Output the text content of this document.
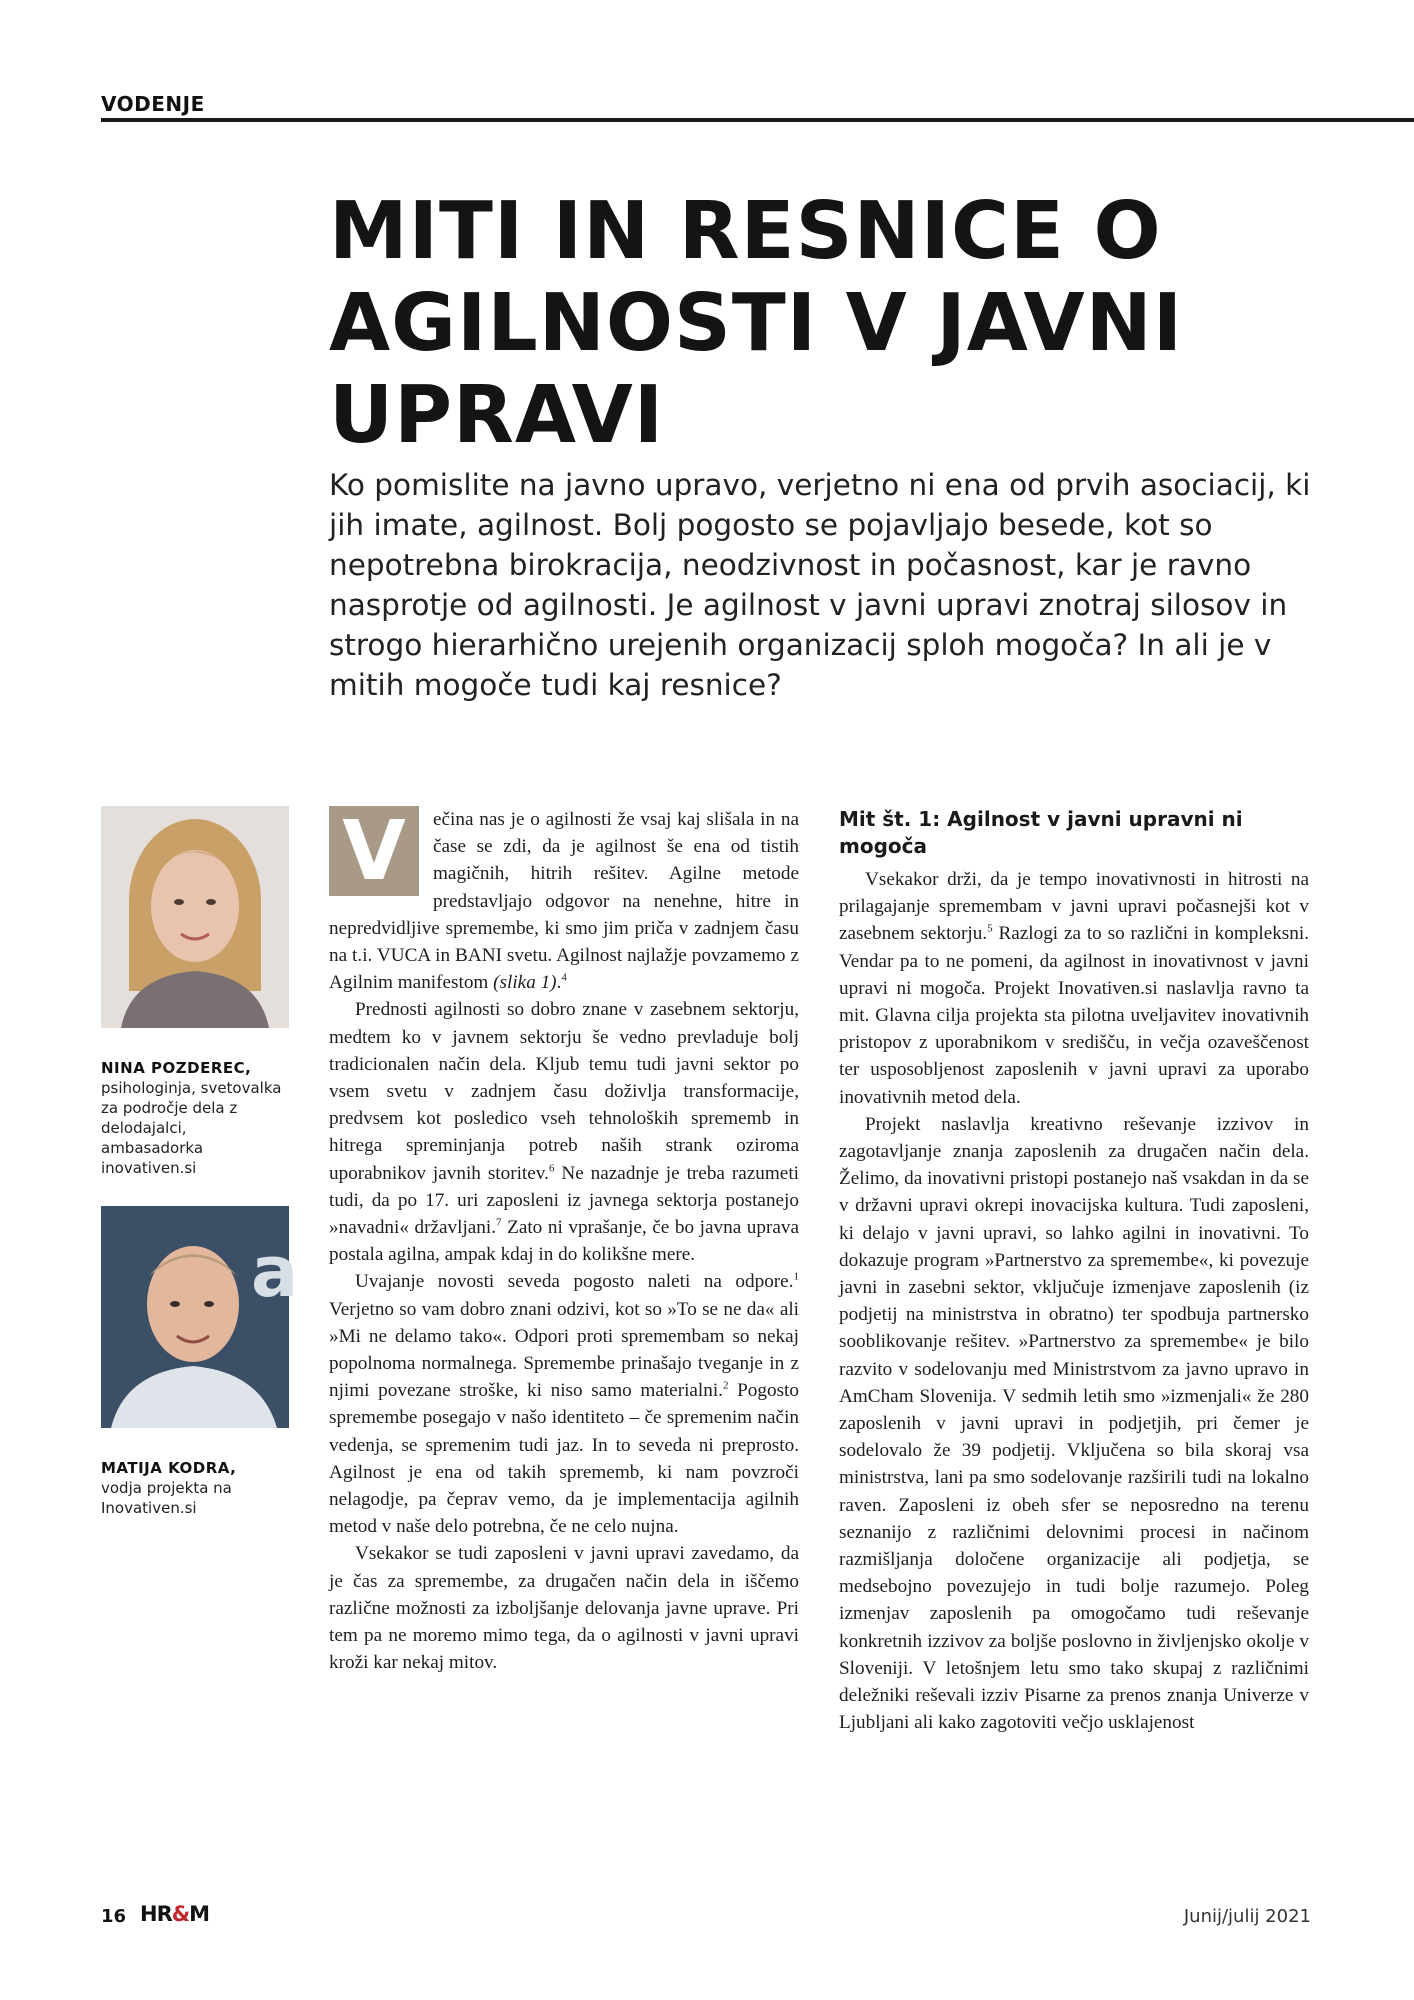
VODENJE
MITI IN RESNICE O AGILNOSTI V JAVNI UPRAVI

Ko pomislite na javno upravo, verjetno ni ena od prvih asociacij, ki jih imate, agilnost. Bolj pogosto se pojavljajo besede, kot so nepotrebna birokracija, neodzivnost in počasnost, kar je ravno nasprotje od agilnosti. Je agilnost v javni upravi znotraj silosov in strogo hierarhično urejenih organizacij sploh mogoča? In ali je v mitih mogoče tudi kaj resnice?

NINA POZDEREC,
psihologinja, svetovalka za področje dela z delodajalci, ambasadorka inovativen.si
a
MATIJA KODRA,
vodja projekta na Inovativen.si

V	ečina nas je o agilnosti že vsaj kaj slišala in na čase se zdi, da je agilnost še ena od tistih magičnih, hitrih rešitev. Agilne metode predstavljajo odgovor na nenehne, hitre in nepredvidljive spremembe, ki smo jim priča v zadnjem času na t.i. VUCA in BANI svetu. Agilnost najlažje povzamemo z Agilnim manifestom (slika 1).$^4$

Prednosti agilnosti so dobro znane v zasebnem sektorju, medtem ko v javnem sektorju še vedno prevladuje bolj tradicionalen način dela. Kljub temu tudi javni sektor po vsem svetu v zadnjem času doživlja transformacije, predvsem kot posledico vseh tehnoloških sprememb in hitrega spreminjanja potreb naših strank oziroma uporabnikov javnih storitev.$^6$ Ne nazadnje je treba razumeti tudi, da po 17. uri zaposleni iz javnega sektorja postanejo »navadni« državljani.$^7$ Zato ni vprašanje, če bo javna uprava postala agilna, ampak kdaj in do kolikšne mere.

Uvajanje novosti seveda pogosto naleti na odpore.$^1$ Verjetno so vam dobro znani odzivi, kot so »To se ne da« ali »Mi ne delamo tako«. Odpori proti spremembam so nekaj popolnoma normalnega. Spremembe prinašajo tveganje in z njimi povezane stroške, ki niso samo materialni.$^2$ Pogosto spremembe posegajo v našo identiteto – če spremenim način vedenja, se spremenim tudi jaz. In to seveda ni preprosto. Agilnost je ena od takih sprememb, ki nam povzroči nelagodje, pa čeprav vemo, da je implementacija agilnih metod v naše delo potrebna, če ne celo nujna.

Vsekakor se tudi zaposleni v javni upravi zavedamo, da je čas za spremembe, za drugačen način dela in iščemo različne možnosti za izboljšanje delovanja javne uprave. Pri tem pa ne moremo mimo tega, da o agilnosti v javni upravi kroži kar nekaj mitov.

Mit št. 1: Agilnost v javni upravni ni mogoča

Vsekakor drži, da je tempo inovativnosti in hitrosti na prilagajanje spremembam v javni upravi počasnejši kot v zasebnem sektorju.$^5$ Razlogi za to so različni in kompleksni. Vendar pa to ne pomeni, da agilnost in inovativnost v javni upravi ni mogoča. Projekt Inovativen.si naslavlja ravno ta mit. Glavna cilja projekta sta pilotna uveljavitev inovativnih pristopov z uporabnikom v središču, in večja ozaveščenost ter usposobljenost zaposlenih v javni upravi za uporabo inovativnih metod dela.

Projekt naslavlja kreativno reševanje izzivov in zagotavljanje znanja zaposlenih za drugačen način dela. Želimo, da inovativni pristopi postanejo naš vsakdan in da se v državni upravi okrepi inovacijska kultura. Tudi zaposleni, ki delajo v javni upravi, so lahko agilni in inovativni. To dokazuje program »Partnerstvo za spremembe«, ki povezuje javni in zasebni sektor, vključuje izmenjave zaposlenih (iz podjetij na ministrstva in obratno) ter spodbuja partnersko sooblikovanje rešitev. »Partnerstvo za spremembe« je bilo razvito v sodelovanju med Ministrstvom za javno upravo in AmCham Slovenija. V sedmih letih smo »izmenjali« že 280 zaposlenih v javni upravi in podjetjih, pri čemer je sodelovalo že 39 podjetij. Vključena so bila skoraj vsa ministrstva, lani pa smo sodelovanje razširili tudi na lokalno raven. Zaposleni iz obeh sfer se neposredno na terenu seznanijo z različnimi delovnimi procesi in načinom razmišljanja določene organizacije ali podjetja, se medsebojno povezujejo in tudi bolje razumejo. Poleg izmenjav zaposlenih pa omogočamo tudi reševanje konkretnih izzivov za boljše poslovno in življenjsko okolje v Sloveniji. V letošnjem letu smo tako skupaj z različnimi deležniki reševali izziv Pisarne za prenos znanja Univerze v Ljubljani ali kako zagotoviti večjo usklajenost

16 HR&M	Junij/julij 2021
